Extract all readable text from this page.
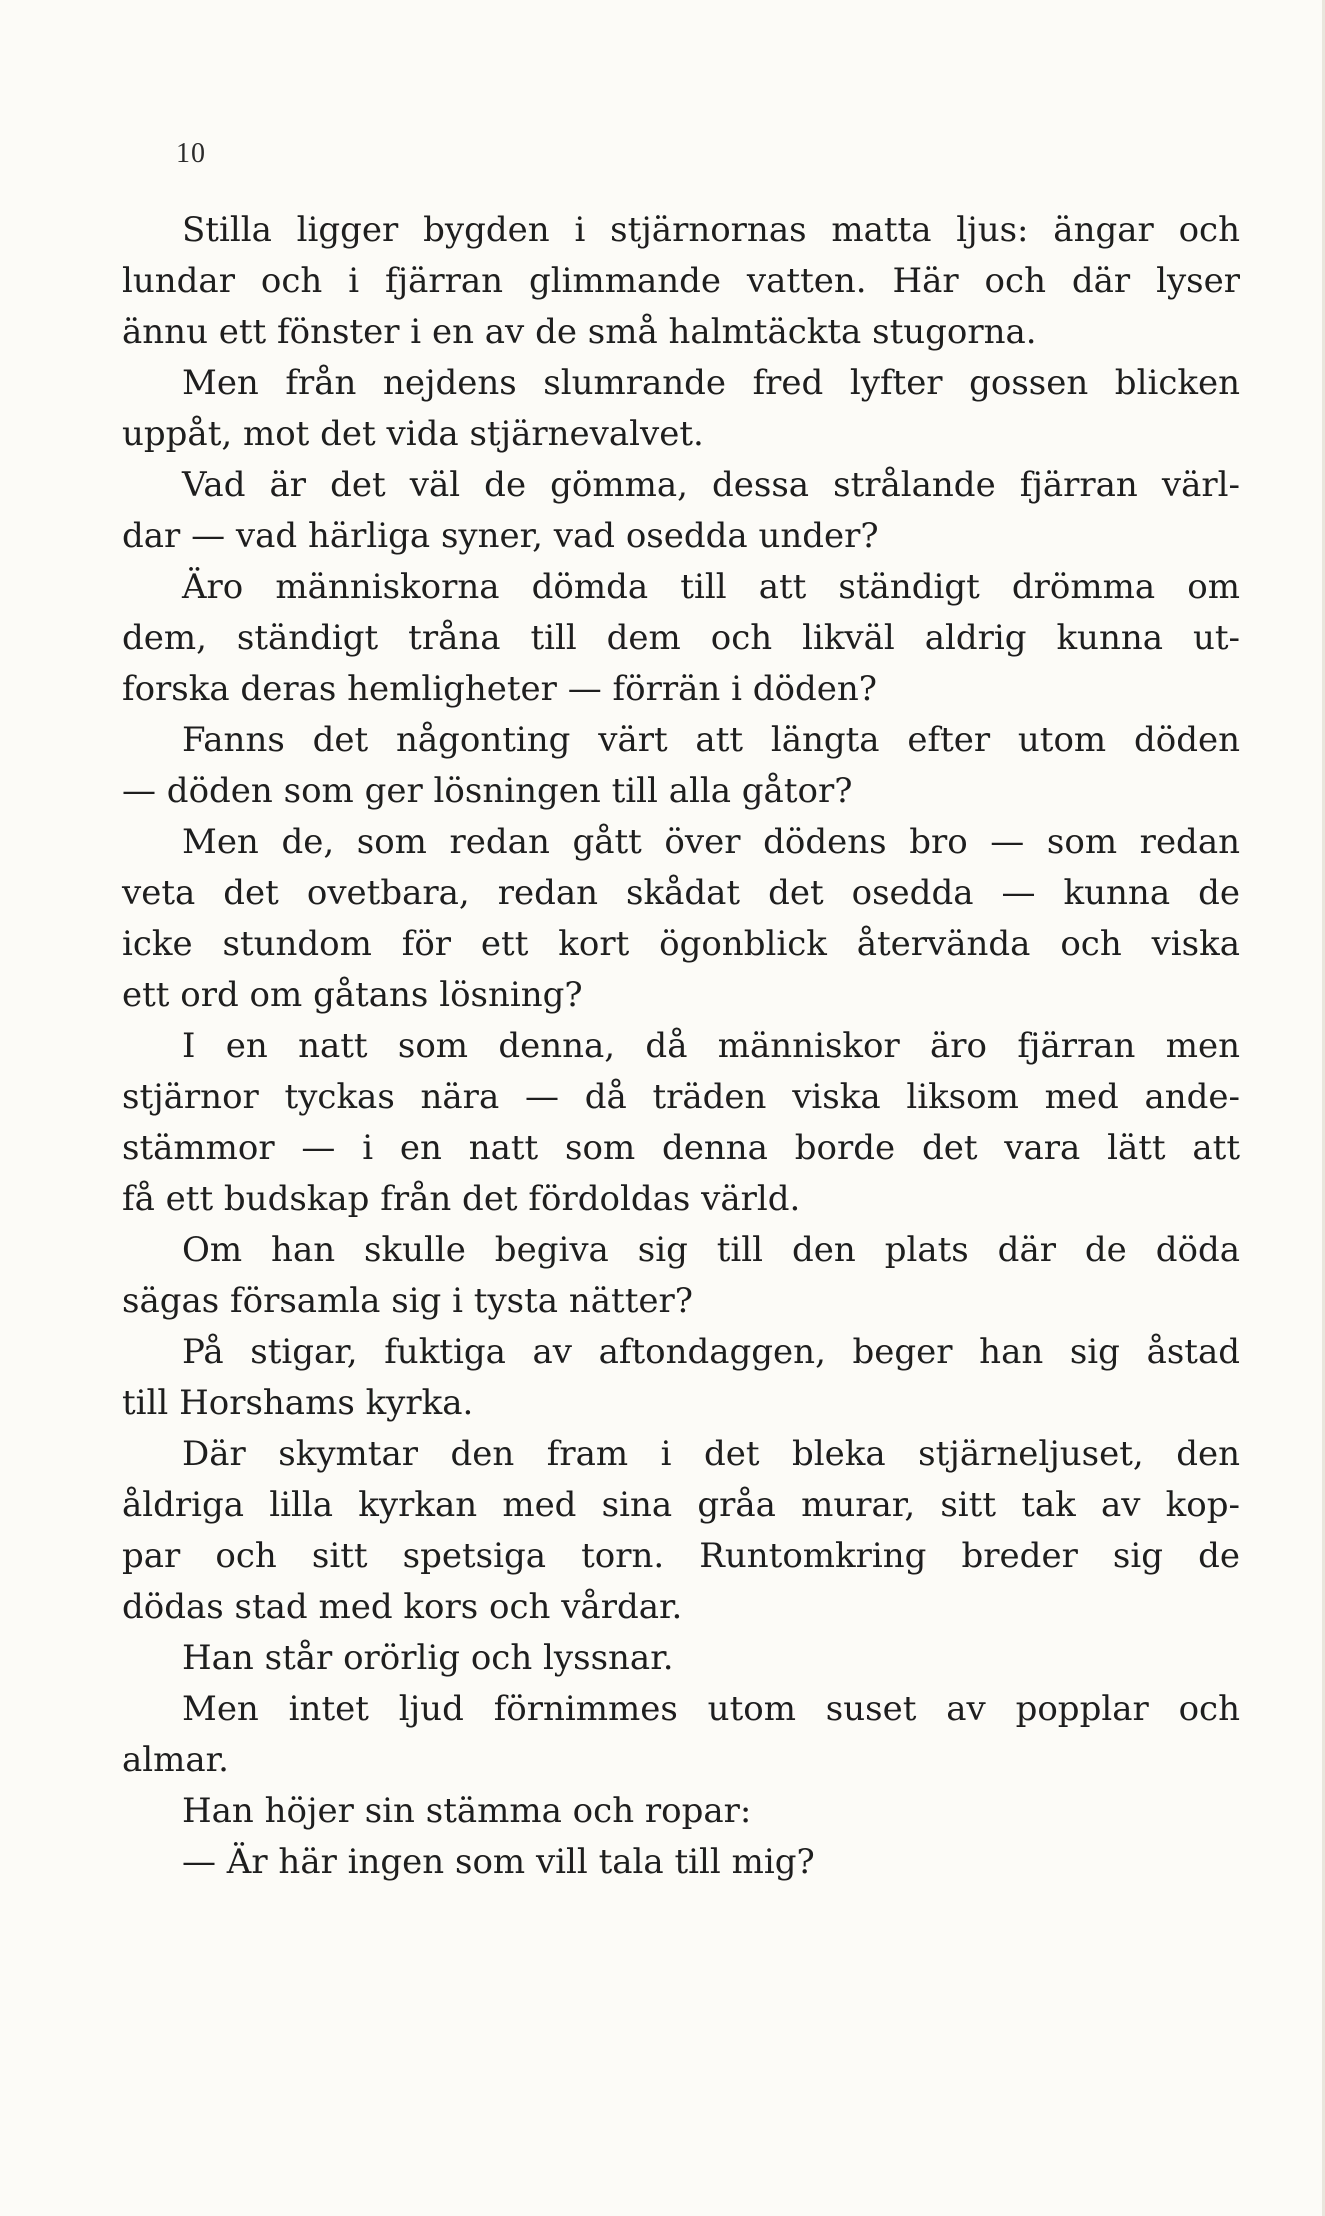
10
Stilla ligger bygden i stjärnornas matta ljus: ängar och
lundar och i fjärran glimmande vatten. Här och där lyser
ännu ett fönster i en av de små halmtäckta stugorna.
Men från nejdens slumrande fred lyfter gossen blicken
uppåt, mot det vida stjärnevalvet.
Vad är det väl de gömma, dessa strålande fjärran värl-
dar — vad härliga syner, vad osedda under?
Äro människorna dömda till att ständigt drömma om
dem, ständigt tråna till dem och likväl aldrig kunna ut-
forska deras hemligheter — förrän i döden?
Fanns det någonting värt att längta efter utom döden
— döden som ger lösningen till alla gåtor?
Men de, som redan gått över dödens bro — som redan
veta det ovetbara, redan skådat det osedda — kunna de
icke stundom för ett kort ögonblick återvända och viska
ett ord om gåtans lösning?
I en natt som denna, då människor äro fjärran men
stjärnor tyckas nära — då träden viska liksom med ande-
stämmor — i en natt som denna borde det vara lätt att
få ett budskap från det fördoldas värld.
Om han skulle begiva sig till den plats där de döda
sägas församla sig i tysta nätter?
På stigar, fuktiga av aftondaggen, beger han sig åstad
till Horshams kyrka.
Där skymtar den fram i det bleka stjärneljuset, den
åldriga lilla kyrkan med sina gråa murar, sitt tak av kop-
par och sitt spetsiga torn. Runtomkring breder sig de
dödas stad med kors och vårdar.
Han står orörlig och lyssnar.
Men intet ljud förnimmes utom suset av popplar och
almar.
Han höjer sin stämma och ropar:
— Är här ingen som vill tala till mig?
